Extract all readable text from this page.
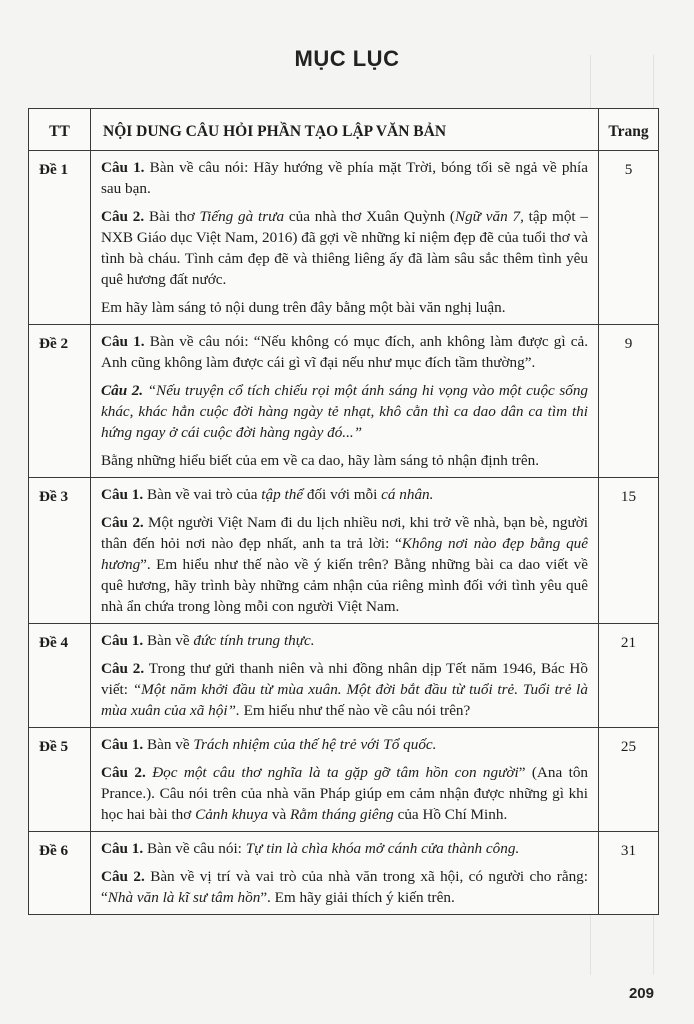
MỤC LỤC
TT	NỘI DUNG CÂU HỎI PHẦN TẠO LẬP VĂN BẢN	Trang
Đề 1	Câu 1. Bàn về câu nói: Hãy hướng về phía mặt Trời, bóng tối sẽ ngả về phía sau bạn.

Câu 2. Bài thơ Tiếng gà trưa của nhà thơ Xuân Quỳnh (Ngữ văn 7, tập một – NXB Giáo dục Việt Nam, 2016) đã gợi về những kỉ niệm đẹp đẽ của tuổi thơ và tình bà cháu. Tình cảm đẹp đẽ và thiêng liêng ấy đã làm sâu sắc thêm tình yêu quê hương đất nước.

Em hãy làm sáng tỏ nội dung trên đây bằng một bài văn nghị luận.	5
Đề 2	Câu 1. Bàn về câu nói: “Nếu không có mục đích, anh không làm được gì cả. Anh cũng không làm được cái gì vĩ đại nếu như mục đích tầm thường”.

Câu 2. “Nếu truyện cổ tích chiếu rọi một ánh sáng hi vọng vào một cuộc sống khác, khác hẳn cuộc đời hàng ngày tẻ nhạt, khô cằn thì ca dao dân ca tìm thi hứng ngay ở cái cuộc đời hàng ngày đó...”

Bằng những hiểu biết của em về ca dao, hãy làm sáng tỏ nhận định trên.	9
Đề 3	Câu 1. Bàn về vai trò của tập thể đối với mỗi cá nhân.

Câu 2. Một người Việt Nam đi du lịch nhiều nơi, khi trở về nhà, bạn bè, người thân đến hỏi nơi nào đẹp nhất, anh ta trả lời: “Không nơi nào đẹp bằng quê hương”. Em hiểu như thế nào về ý kiến trên? Bằng những bài ca dao viết về quê hương, hãy trình bày những cảm nhận của riêng mình đối với tình yêu quê nhà ẩn chứa trong lòng mỗi con người Việt Nam.	15
Đề 4	Câu 1. Bàn về đức tính trung thực.

Câu 2. Trong thư gửi thanh niên và nhi đồng nhân dịp Tết năm 1946, Bác Hồ viết: “Một năm khởi đầu từ mùa xuân. Một đời bắt đầu từ tuổi trẻ. Tuổi trẻ là mùa xuân của xã hội”. Em hiểu như thế nào về câu nói trên?	21
Đề 5	Câu 1. Bàn về Trách nhiệm của thế hệ trẻ với Tổ quốc.

Câu 2. Đọc một câu thơ nghĩa là ta gặp gỡ tâm hồn con người” (Ana tôn Prance.). Câu nói trên của nhà văn Pháp giúp em cảm nhận được những gì khi học hai bài thơ Cảnh khuya và Rằm tháng giêng của Hồ Chí Minh.	25
Đề 6	Câu 1. Bàn về câu nói: Tự tin là chìa khóa mở cánh cửa thành công.

Câu 2. Bàn về vị trí và vai trò của nhà văn trong xã hội, có người cho rằng: “Nhà văn là kĩ sư tâm hồn”. Em hãy giải thích ý kiến trên.	31
209
